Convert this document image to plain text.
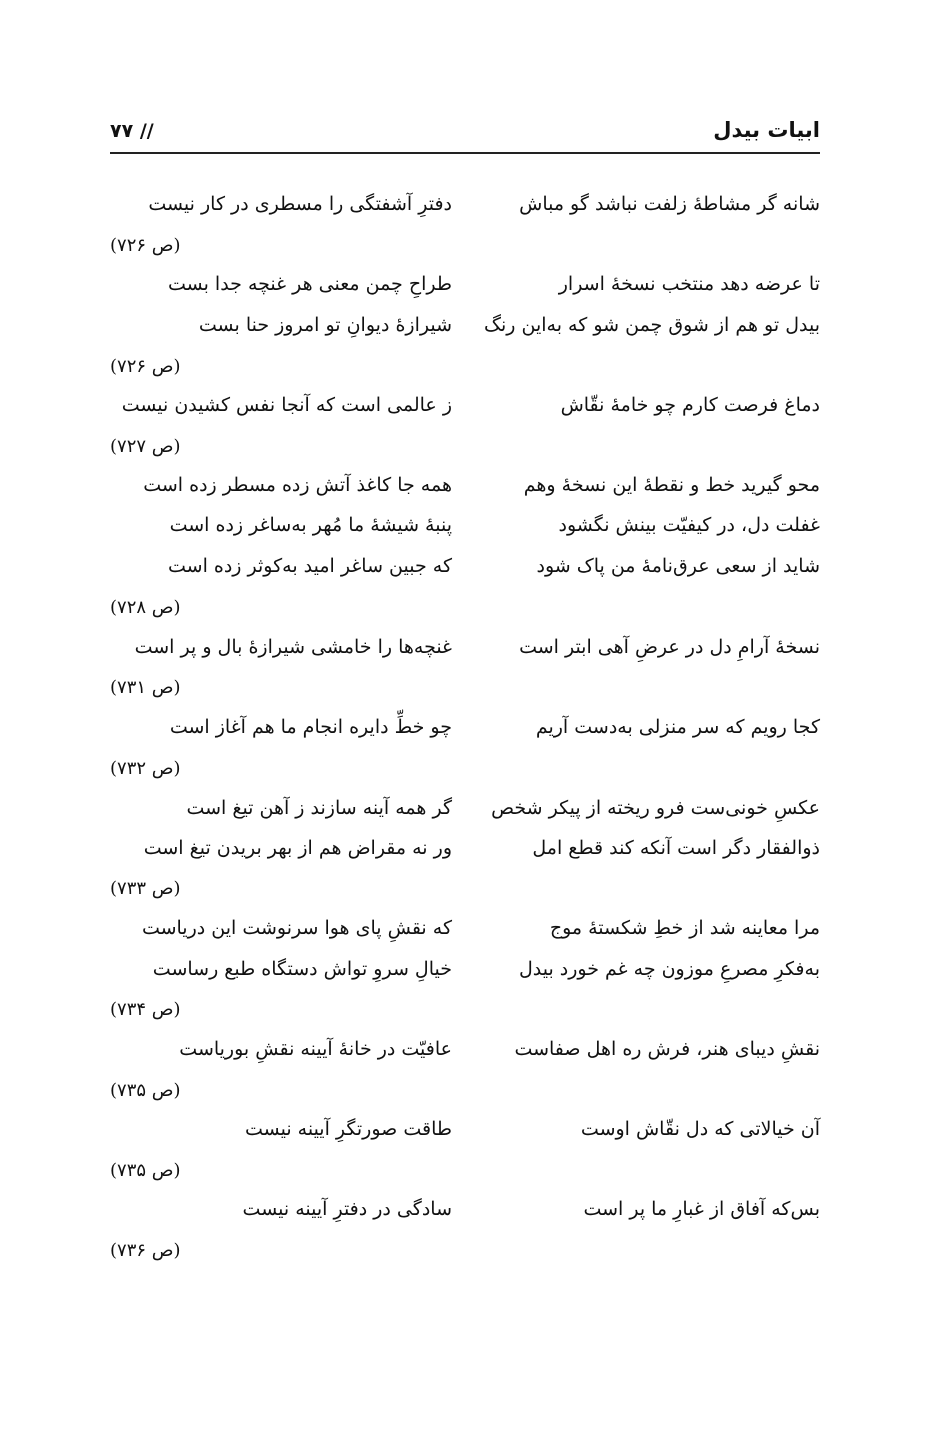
ابیات بیدل
// ۷۷
شانه گر مشاطهٔ زلفت نباشد گو مباش
دفترِ آشفتگی را مسطری در کار نیست
(ص ۷۲۶)
تا عرضه دهد منتخب نسخهٔ اسرار
طراحِ چمن معنی هر غنچه جدا بست
بیدل تو هم از شوق چمن شو که به‌این رنگ
شیرازهٔ دیوانِ تو امروز حنا بست
(ص ۷۲۶)
دماغ فرصت کارم چو خامهٔ نقّاش
ز عالمی است که آنجا نفس کشیدن نیست
(ص ۷۲۷)
محو گیرید خط و نقطهٔ این نسخهٔ وهم
همه جا کاغذ آتش زده مسطر زده است
غفلت دل، در کیفیّت بینش نگشود
پنبهٔ شیشهٔ ما مُهر به‌ساغر زده است
شاید از سعی عرق‌نامهٔ من پاک شود
که جبین ساغر امید به‌کوثر زده است
(ص ۷۲۸)
نسخهٔ آرامِ دل در عرضِ آهی ابتر است
غنچه‌ها را خامشی شیرازهٔ بال و پر است
(ص ۷۳۱)
کجا رویم که سر منزلی به‌دست آریم
چو خطِّ دایره انجام ما هم آغاز است
(ص ۷۳۲)
عکسِ خونی‌ست فرو ریخته از پیکر شخص
گر همه آینه سازند ز آهن تیغ است
ذوالفقار دگر است آنکه کند قطع امل
ور نه مقراض هم از بهر بریدن تیغ است
(ص ۷۳۳)
مرا معاینه شد از خطِ شکستهٔ موج
که نقشِ پای هوا سرنوشت این دریاست
به‌فکرِ مصرعِ موزون چه غم خورد بیدل
خیالِ سروِ تواش دستگاه طبع رساست
(ص ۷۳۴)
نقشِ دیبای هنر، فرش ره اهل صفاست
عافیّت در خانهٔ آیینه نقشِ بوریاست
(ص ۷۳۵)
آن خیالاتی که دل نقّاش اوست
طاقت صورتگرِ آیینه نیست
(ص ۷۳۵)
بس‌که آفاق از غبارِ ما پر است
سادگی در دفترِ آیینه نیست
(ص ۷۳۶)
